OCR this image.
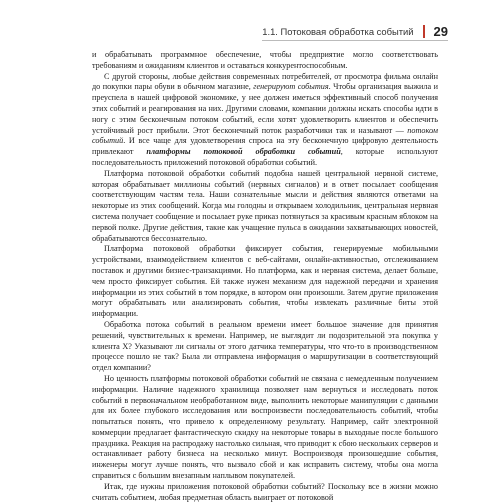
1.1. Потоковая обработка событий 29

и обрабатывать программное обеспечение, чтобы предприятие могло соответствовать требованиям и ожиданиям клиентов и оставаться конкурентоспособным.

С другой стороны, любые действия современных потребителей, от просмотра фильма онлайн до покупки пары обуви в обычном магазине, генерируют события. Чтобы организация выжила и преуспела в нашей цифровой экономике, у нее должен иметься эффективный способ получения этих событий и реагирования на них. Другими словами, компании должны искать способы идти в ногу с этим бесконечным потоком событий, если хотят удовлетворить клиентов и обеспечить устойчивый рост прибыли. Этот бесконечный поток разработчики так и называют — потоком событий. И все чаще для удовлетворения спроса на эту бесконечную цифровую деятельность привлекают платформы потоковой обработки событий, которые используют последовательность приложений потоковой обработки событий.

Платформа потоковой обработки событий подобна нашей центральной нервной системе, которая обрабатывает миллионы событий (нервных сигналов) и в ответ посылает сообщения соответствующим частям тела. Наши сознательные мысли и действия являются ответами на некоторые из этих сообщений. Когда мы голодны и открываем холодильник, центральная нервная система получает сообщение и посылает руке приказ потянуться за красивым красным яблоком на первой полке. Другие действия, такие как учащение пульса в ожидании захватывающих новостей, обрабатываются бессознательно.

Платформа потоковой обработки фиксирует события, генерируемые мобильными устройствами, взаимодействием клиентов с веб-сайтами, онлайн-активностью, отслеживанием поставок и другими бизнес-транзакциями. Но платформа, как и нервная система, делает больше, чем просто фиксирует события. Ей также нужен механизм для надежной передачи и хранения информации из этих событий в том порядке, в котором они произошли. Затем другие приложения могут обрабатывать или анализировать события, чтобы извлекать различные биты этой информации.

Обработка потока событий в реальном времени имеет большое значение для принятия решений, чувствительных к времени. Например, не выглядит ли подозрительной эта покупка у клиента X? Указывают ли сигналы от этого датчика температуры, что что-то в производственном процессе пошло не так? Была ли отправлена информация о маршрутизации в соответствующий отдел компании?

Но ценность платформы потоковой обработки событий не связана с немедленным получением информации. Наличие надежного хранилища позволяет нам вернуться и исследовать поток событий в первоначальном необработанном виде, выполнить некоторые манипуляции с данными для их более глубокого исследования или воспроизвести последовательность событий, чтобы попытаться понять, что привело к определенному результату. Например, сайт электронной коммерции предлагает фантастическую скидку на некоторые товары в выходные после большого праздника. Реакция на распродажу настолько сильная, что приводит к сбою нескольких серверов и останавливает работу бизнеса на несколько минут. Воспроизводя произошедшие события, инженеры могут лучше понять, что вызвало сбой и как исправить систему, чтобы она могла справиться с большим внезапным наплывом покупателей.

Итак, где нужны приложения потоковой обработки событий? Поскольку все в жизни можно считать событием, любая предметная область выиграет от потоковой
